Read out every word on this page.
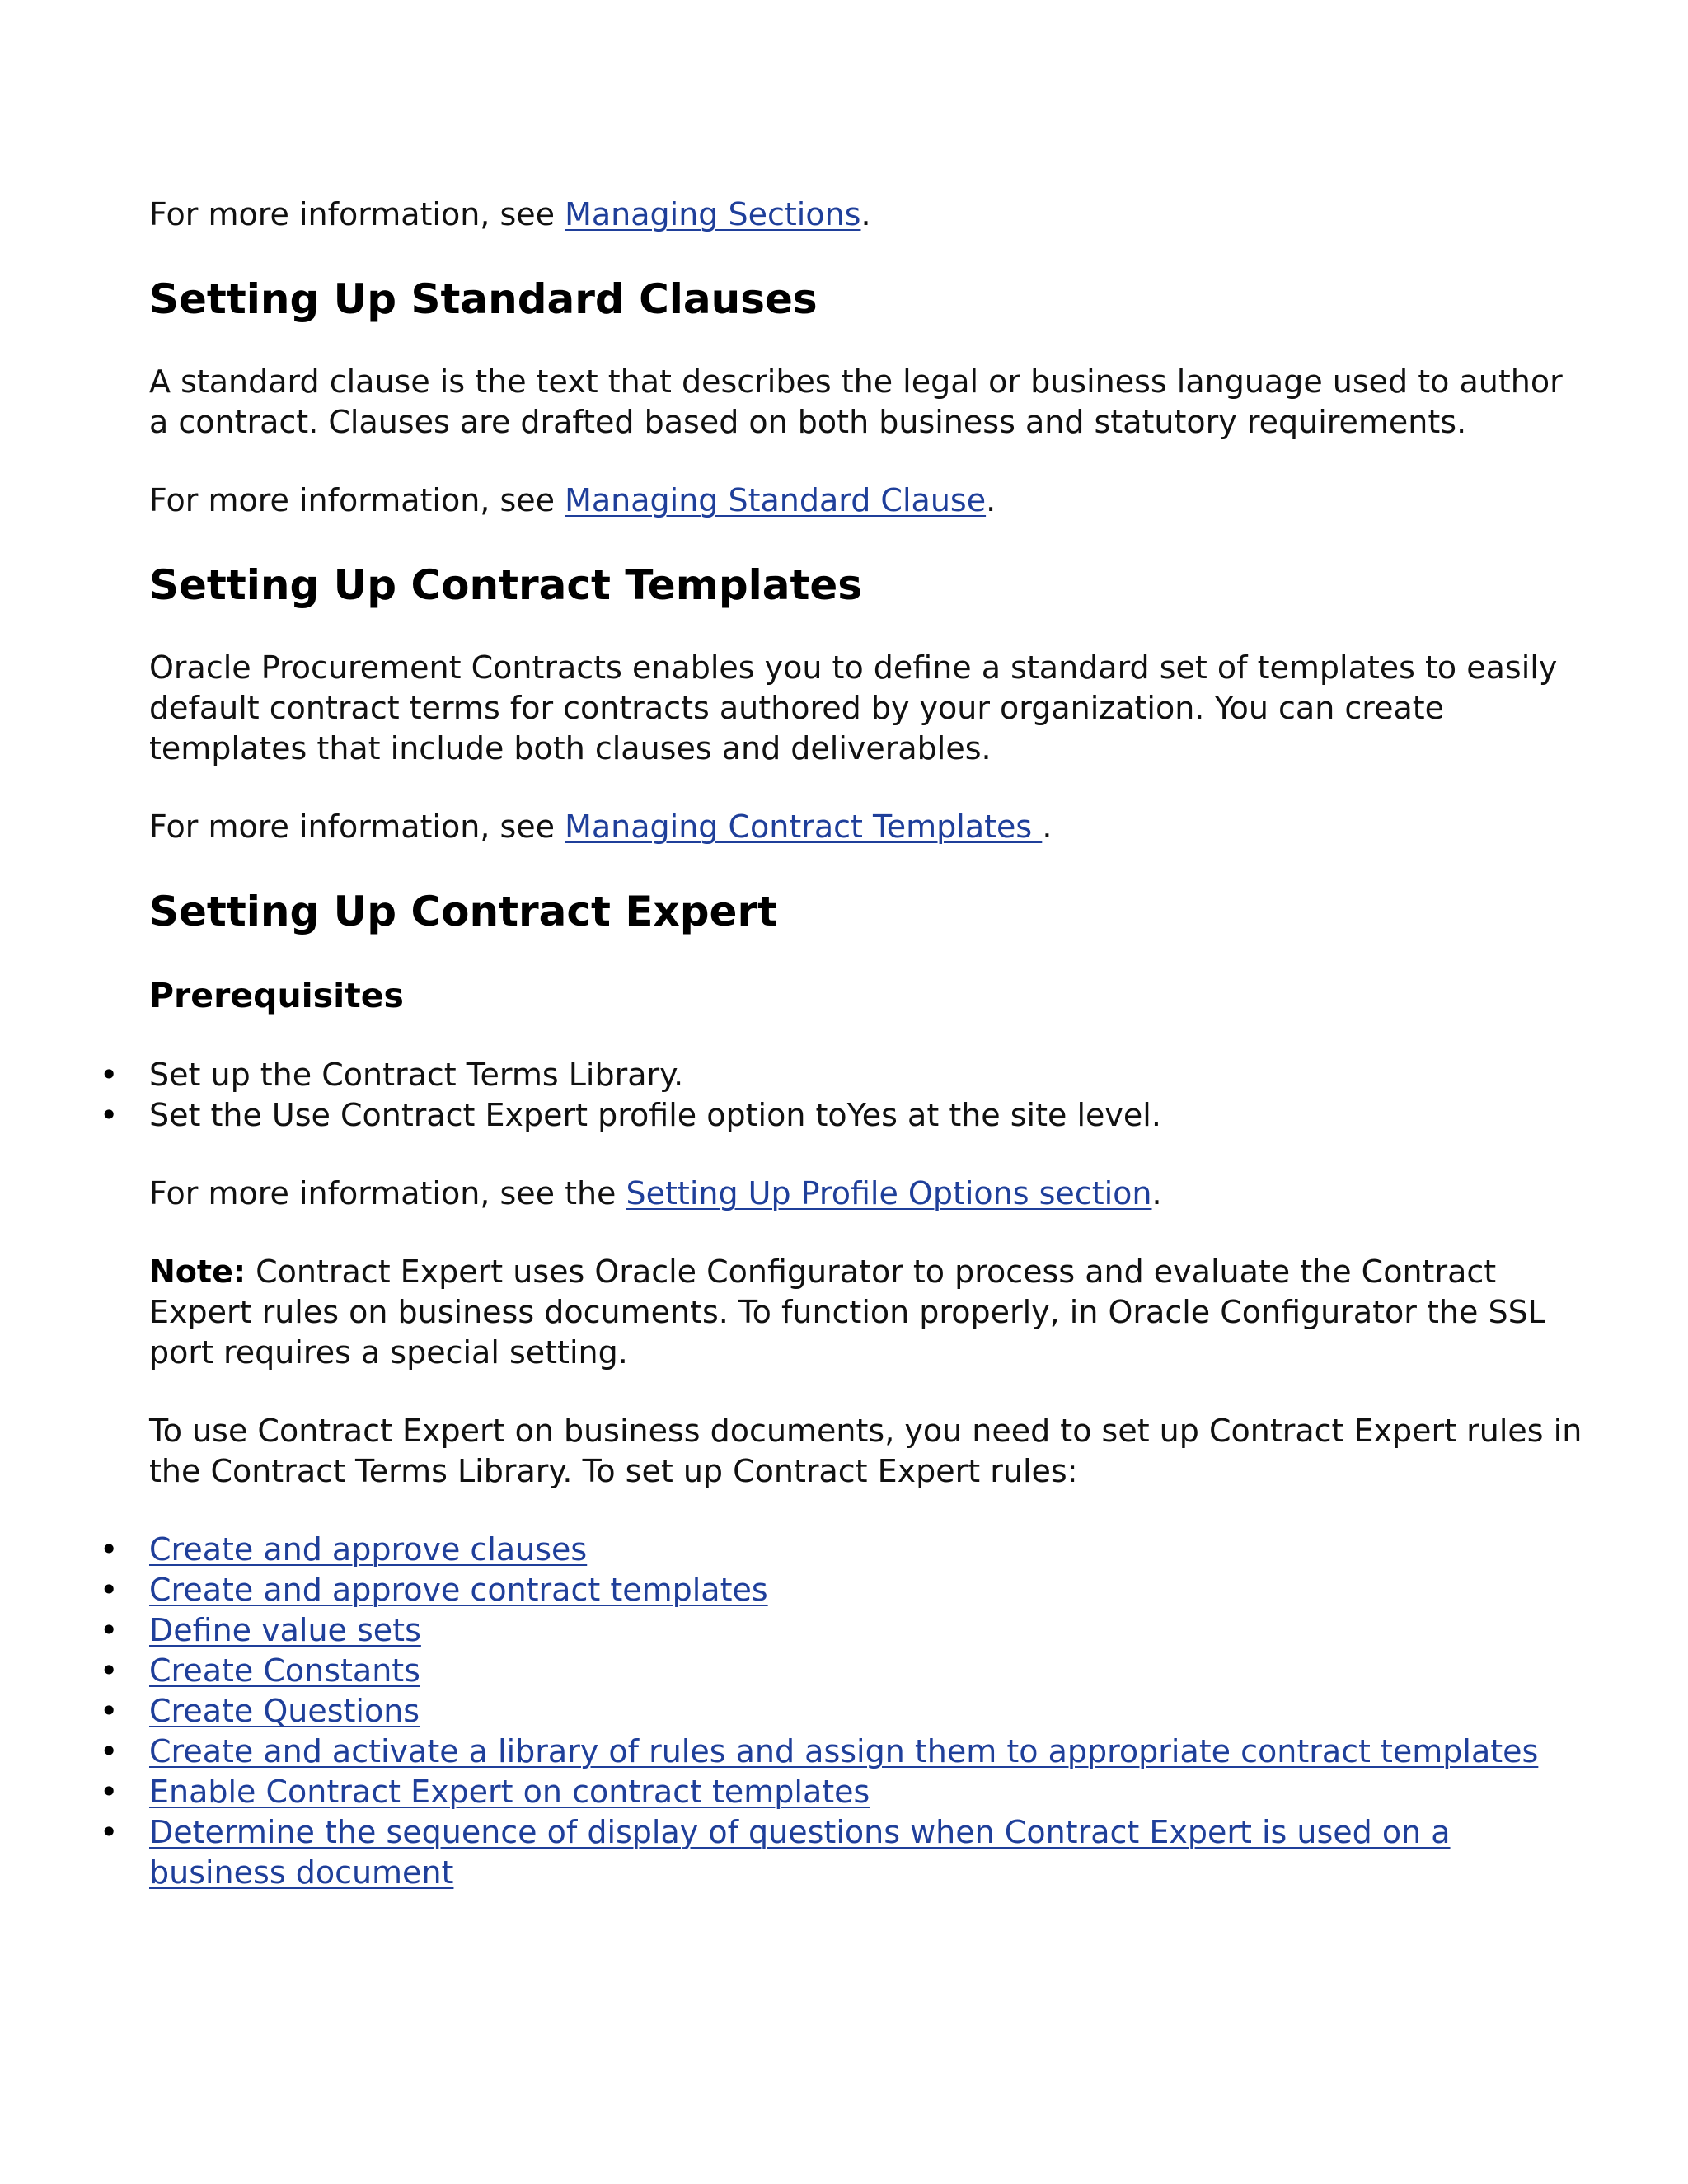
For more information, see Managing Sections.

Setting Up Standard Clauses

A standard clause is the text that describes the legal or business language used to author a contract. Clauses are drafted based on both business and statutory requirements.

For more information, see Managing Standard Clause.

Setting Up Contract Templates

Oracle Procurement Contracts enables you to define a standard set of templates to easily default contract terms for contracts authored by your organization. You can create templates that include both clauses and deliverables.

For more information, see Managing Contract Templates .

Setting Up Contract Expert
Prerequisites
• Set up the Contract Terms Library.
• Set the Use Contract Expert profile option toYes at the site level.

For more information, see the Setting Up Profile Options section.

Note: Contract Expert uses Oracle Configurator to process and evaluate the Contract Expert rules on business documents. To function properly, in Oracle Configurator the SSL port requires a special setting.

To use Contract Expert on business documents, you need to set up Contract Expert rules in the Contract Terms Library. To set up Contract Expert rules:

• Create and approve clauses
• Create and approve contract templates
• Define value sets
• Create Constants
• Create Questions
• Create and activate a library of rules and assign them to appropriate contract templates
• Enable Contract Expert on contract templates
• Determine the sequence of display of questions when Contract Expert is used on a business document
